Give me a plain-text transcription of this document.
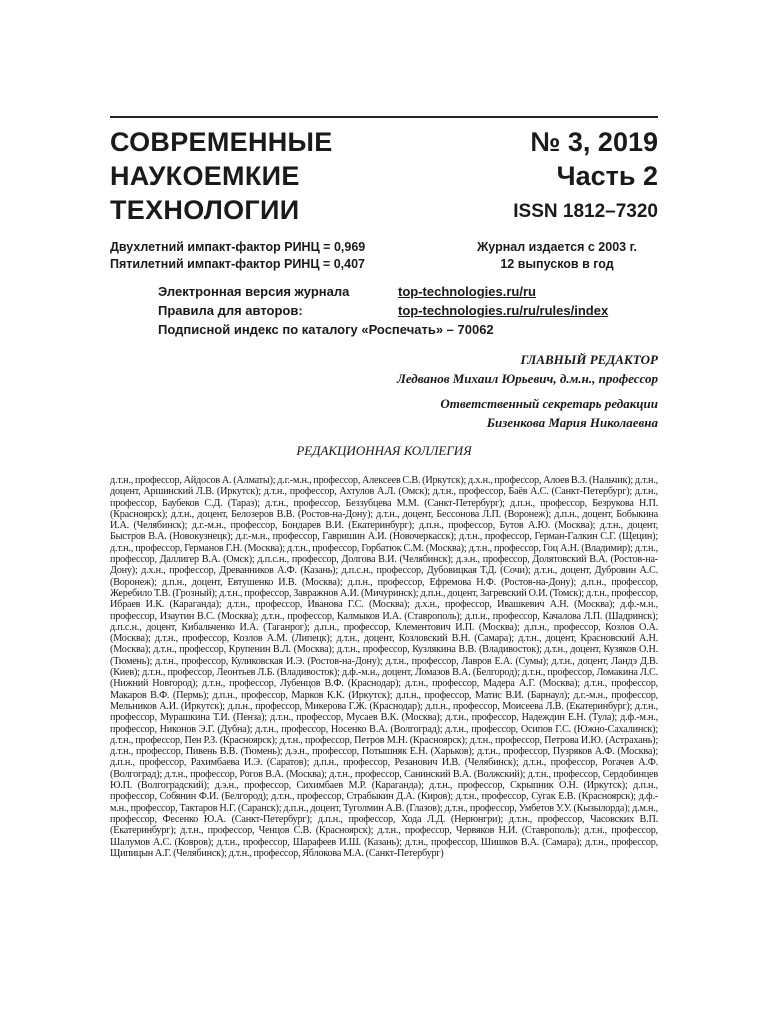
СОВРЕМЕННЫЕ
НАУКОЕМКИЕ
ТЕХНОЛОГИИ
№ 3, 2019
Часть 2
ISSN 1812–7320
Двухлетний импакт-фактор РИНЦ = 0,969
Пятилетний импакт-фактор РИНЦ = 0,407
Журнал издается с 2003 г.
12 выпусков в год
Электронная версия журнала	top-technologies.ru/ru
Правила для авторов:	top-technologies.ru/ru/rules/index
Подписной индекс по каталогу «Роспечать» – 70062
ГЛАВНЫЙ РЕДАКТОР
Ледванов Михаил Юрьевич, д.м.н., профессор
Ответственный секретарь редакции
Бизенкова Мария Николаевна
РЕДАКЦИОННАЯ КОЛЛЕГИЯ
д.т.н., профессор, Айдосов А. (Алматы); д.г.-м.н., профессор, Алексеев С.В. (Иркутск); д.х.н., профессор, Алоев В.З. (Нальчик); д.т.н., доцент, Аршинский Л.В. (Иркутск); д.т.н., профессор, Ахтулов А.Л. (Омск); д.т.н., профессор, Баёв А.С. (Санкт-Петербург); д.т.н., профессор, Баубеков С.Д. (Тараз); д.т.н., профессор, Беззубцева М.М. (Санкт-Петербург); д.п.н., профессор, Безрукова Н.П. (Красноярск); д.т.н., доцент, Белозеров В.В. (Ростов-на-Дону); д.т.н., доцент, Бессонова Л.П. (Воронеж); д.п.н., доцент, Бобыкина И.А. (Челябинск); д.г.-м.н., профессор, Бондарев В.И. (Екатеринбург); д.п.н., профессор, Бутов А.Ю. (Москва); д.т.н., доцент, Быстров В.А. (Новокузнецк); д.г.-м.н., профессор, Гавришин А.И. (Новочеркасск); д.т.н., профессор, Герман-Галкин С.Г. (Щецин); д.т.н., профессор, Германов Г.Н. (Москва); д.т.н., профессор, Горбатюк С.М. (Москва); д.т.н., профессор, Гоц А.Н. (Владимир); д.т.н., профессор, Даллигер В.А. (Омск); д.п.с.н., профессор, Долгова В.И. (Челябинск); д.э.н., профессор, Долятовский В.А. (Ростов-на-Дону); д.х.н., профессор, Древанников А.Ф. (Казань); д.п.с.н., профессор, Дубовицкая Т.Д. (Сочи); д.т.н., доцент, Дубровин А.С. (Воронеж); д.п.н., доцент, Евтушенко И.В. (Москва); д.п.н., профессор, Ефремова Н.Ф. (Ростов-на-Дону); д.п.н., профессор, Жеребило Т.В. (Грозный); д.т.н., профессор, Завражнов А.И. (Мичуринск); д.п.н., доцент, Загревский О.И. (Томск); д.т.н., профессор, Ибраев И.К. (Караганда); д.т.н., профессор, Иванова Г.С. (Москва); д.х.н., профессор, Ивашкевич А.Н. (Москва); д.ф.-м.н., профессор, Изаутин В.С. (Москва); д.т.н., профессор, Калмыков И.А. (Ставрополь); д.п.н., профессор, Качалова Л.П. (Шадринск); д.п.с.н., доцент, Кибальченко И.А. (Таганрог); д.п.н., профессор, Клементович И.П. (Москва); д.п.н., профессор, Козлов О.А. (Москва); д.т.н., профессор, Козлов А.М. (Липецк); д.т.н., доцент, Козловский В.Н. (Самара); д.т.н., доцент, Красновский А.Н. (Москва); д.т.н., профессор, Крупенин В.Л. (Москва); д.т.н., профессор, Кузлякина В.В. (Владивосток); д.т.н., доцент, Кузяков О.Н. (Тюмень); д.т.н., профессор, Куликовская И.Э. (Ростов-на-Дону); д.т.н., профессор, Лавров Е.А. (Сумы); д.т.н., доцент, Ландэ Д.В. (Киев); д.т.н., профессор, Леонтьев Л.Б. (Владивосток); д.ф.-м.н., доцент, Ломазов В.А. (Белгород); д.т.н., профессор, Ломакина Л.С. (Нижний Новгород); д.т.н., профессор, Лубенцов В.Ф. (Краснодар); д.т.н., профессор, Мадера А.Г. (Москва); д.т.н., профессор, Макаров В.Ф. (Пермь); д.п.н., профессор, Марков К.К. (Иркутск); д.п.н., профессор, Матис В.И. (Барнаул); д.г.-м.н., профессор, Мельников А.И. (Иркутск); д.п.н., профессор, Микерова Г.Ж. (Краснодар); д.п.н., профессор, Моисеева Л.В. (Екатеринбург); д.т.н., профессор, Мурашкина Т.И. (Пенза); д.т.н., профессор, Мусаев В.К. (Москва); д.т.н., профессор, Надеждин Е.Н. (Тула); д.ф.-м.н., профессор, Никонов Э.Г. (Дубна); д.т.н., профессор, Носенко В.А. (Волгоград); д.т.н., профессор, Осипов Г.С. (Южно-Сахалинск); д.т.н., профессор, Пен Р.З. (Красноярск); д.т.н., профессор, Петров М.Н. (Красноярск); д.т.н., профессор, Петрова И.Ю. (Астрахань); д.т.н., профессор, Пивень В.В. (Тюмень); д.э.н., профессор, Потышняк Е.Н. (Харьков); д.т.н., профессор, Пузряков А.Ф. (Москва); д.п.н., профессор, Рахимбаева И.Э. (Саратов); д.п.н., профессор, Резанович И.В. (Челябинск); д.т.н., профессор, Рогачев А.Ф. (Волгоград); д.т.н., профессор, Рогов В.А. (Москва); д.т.н., профессор, Санинский В.А. (Волжский); д.т.н., профессор, Сердобинцев Ю.П. (Волгоградский); д.э.н., профессор, Сихимбаев М.Р. (Караганда); д.т.н., профессор, Скрыпник О.Н. (Иркутск); д.п.н., профессор, Собянин Ф.И. (Белгород); д.т.н., профессор, Страбыкин Д.А. (Киров); д.т.н., профессор, Сугак Е.В. (Красноярск); д.ф.-м.н., профессор, Тактаров Н.Г. (Саранск); д.п.н., доцент, Туголмин А.В. (Глазов); д.т.н., профессор, Умбетов У.У. (Кызылорда); д.м.н., профессор, Фесенко Ю.А. (Санкт-Петербург); д.п.н., профессор, Хода Л.Д. (Нерюнгри); д.т.н., профессор, Часовских В.П. (Екатеринбург); д.т.н., профессор, Ченцов С.В. (Красноярск); д.т.н., профессор, Червяков Н.И. (Ставрополь); д.т.н., профессор, Шалумов А.С. (Ковров); д.т.н., профессор, Шарафеев И.Ш. (Казань); д.т.н., профессор, Шишков В.А. (Самара); д.т.н., профессор, Щипицын А.Г. (Челябинск); д.т.н., профессор, Яблокова М.А. (Санкт-Петербург)
